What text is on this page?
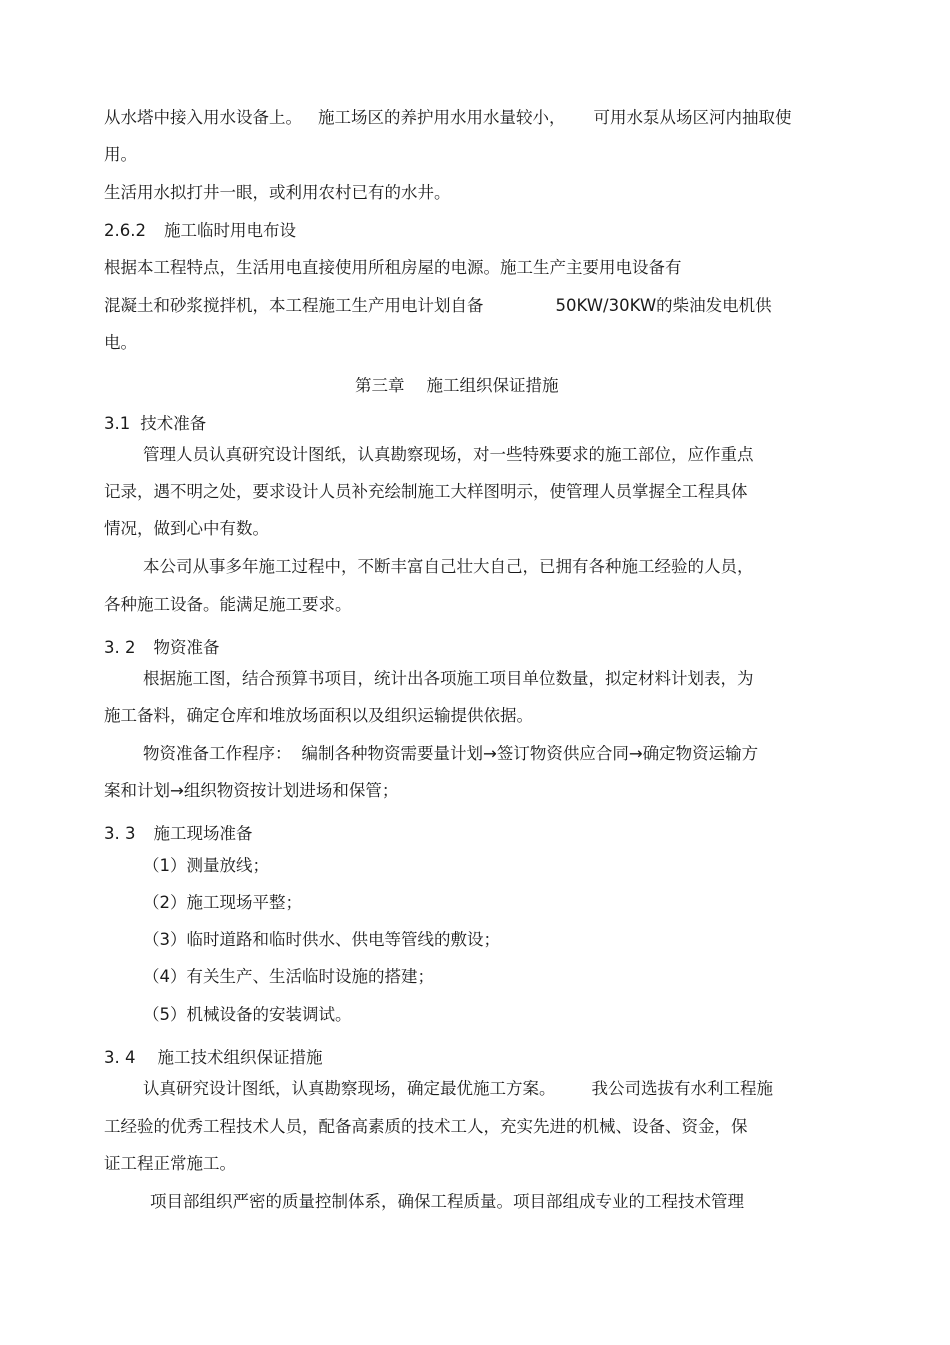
从水塔中接入用水设备上。 施工场区的养护用水用水量较小， 可用水泵从场区河内抽取使

用。

生活用水拟打井一眼，或利用农村已有的水井。

2.6.2 施工临时用电布设

根据本工程特点，生活用电直接使用所租房屋的电源。施工生产主要用电设备有

混凝土和砂浆搅拌机，本工程施工生产用电计划自备	50KW/30KW的柴油发电机供

电。

第三章 施工组织保证措施

3.1 技术准备

管理人员认真研究设计图纸，认真勘察现场，对一些特殊要求的施工部位，应作重点

记录，遇不明之处，要求设计人员补充绘制施工大样图明示，使管理人员掌握全工程具体

情况，做到心中有数。

本公司从事多年施工过程中，不断丰富自己壮大自己，已拥有各种施工经验的人员，

各种施工设备。能满足施工要求。

3. 2 物资准备

根据施工图，结合预算书项目，统计出各项施工项目单位数量，拟定材料计划表，为

施工备料，确定仓库和堆放场面积以及组织运输提供依据。

物资准备工作程序： 编制各种物资需要量计划→签订物资供应合同→确定物资运输方

案和计划→组织物资按计划进场和保管；

3. 3 施工现场准备

（1）测量放线；

（2）施工现场平整；

（3）临时道路和临时供水、供电等管线的敷设；

（4）有关生产、生活临时设施的搭建；

（5）机械设备的安装调试。

3. 4 施工技术组织保证措施

认真研究设计图纸，认真勘察现场，确定最优施工方案。 我公司选拔有水利工程施

工经验的优秀工程技术人员，配备高素质的技术工人，充实先进的机械、设备、资金，保

证工程正常施工。

项目部组织严密的质量控制体系，确保工程质量。项目部组成专业的工程技术管理
